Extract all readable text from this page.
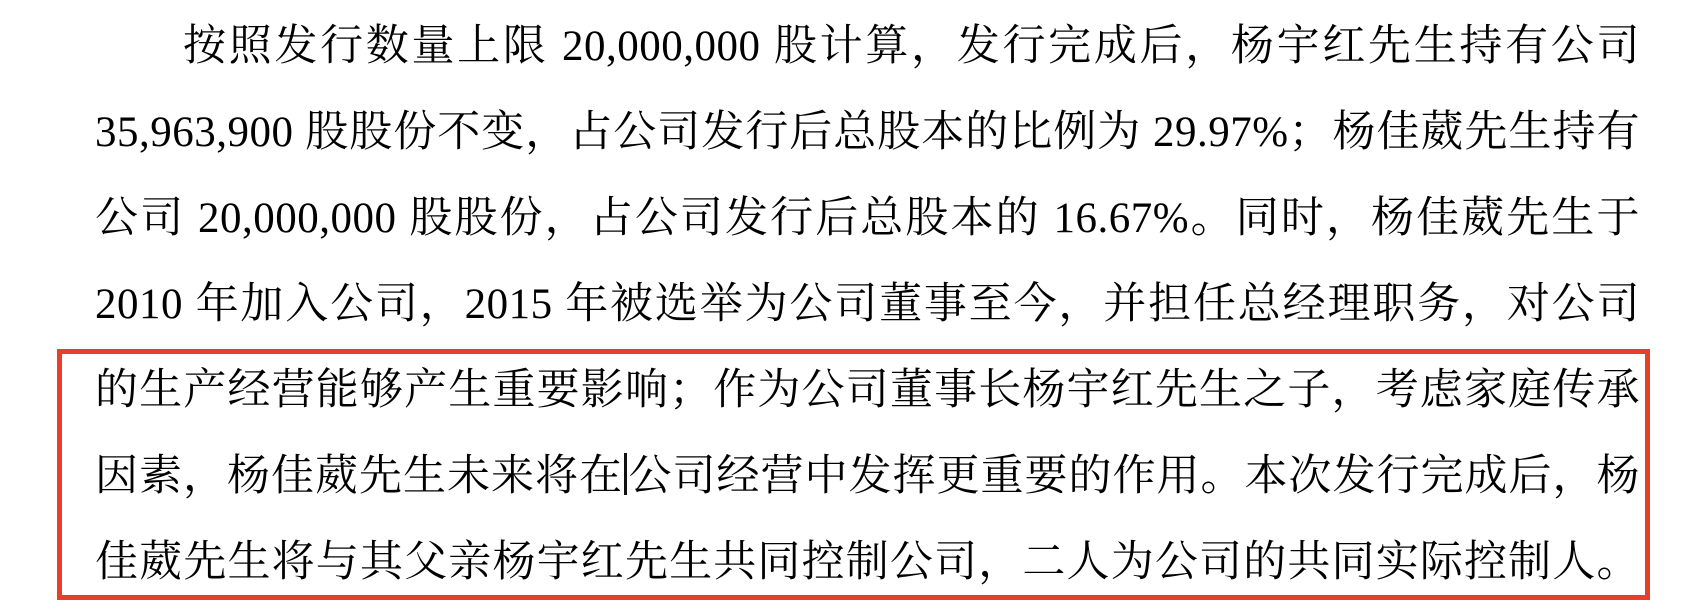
按照发行数量上限 20,000,000 股计算，发行完成后，杨宇红先生持有公司
35,963,900 股股份不变，占公司发行后总股本的比例为 29.97%；杨佳葳先生持有
公司 20,000,000 股股份，占公司发行后总股本的 16.67%。同时，杨佳葳先生于
2010 年加入公司，2015 年被选举为公司董事至今，并担任总经理职务，对公司
的生产经营能够产生重要影响；作为公司董事长杨宇红先生之子，考虑家庭传承
因素，杨佳葳先生未来将在 公司经营中发挥更重要的作用。本次发行完成后，杨
佳葳先生将与其父亲杨宇红先生共同控制公司，二人为公司的共同实际控制人。
